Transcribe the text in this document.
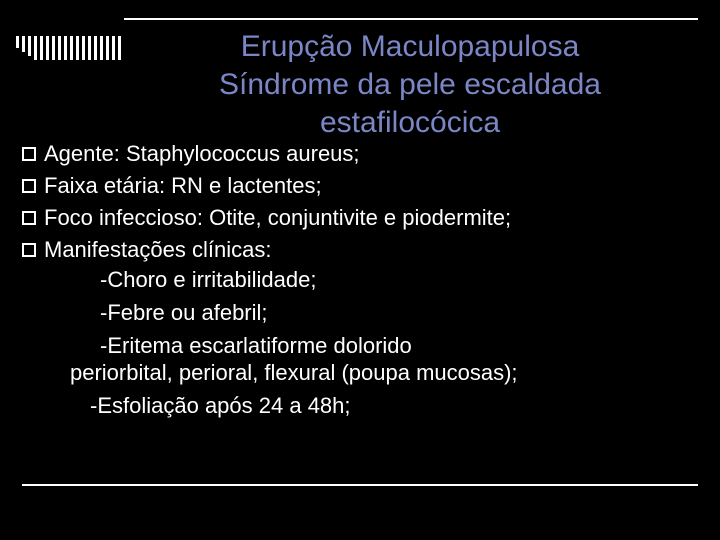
Erupção Maculopapulosa
Síndrome da pele escaldada
estafilocócica
Agente: Staphylococcus aureus;
Faixa etária: RN e lactentes;
Foco infeccioso: Otite, conjuntivite e piodermite;
Manifestações clínicas:
-Choro e irritabilidade;
-Febre ou afebril;
-Eritema escarlatiforme dolorido
periorbital, perioral, flexural (poupa mucosas);
-Esfoliação após 24 a 48h;
